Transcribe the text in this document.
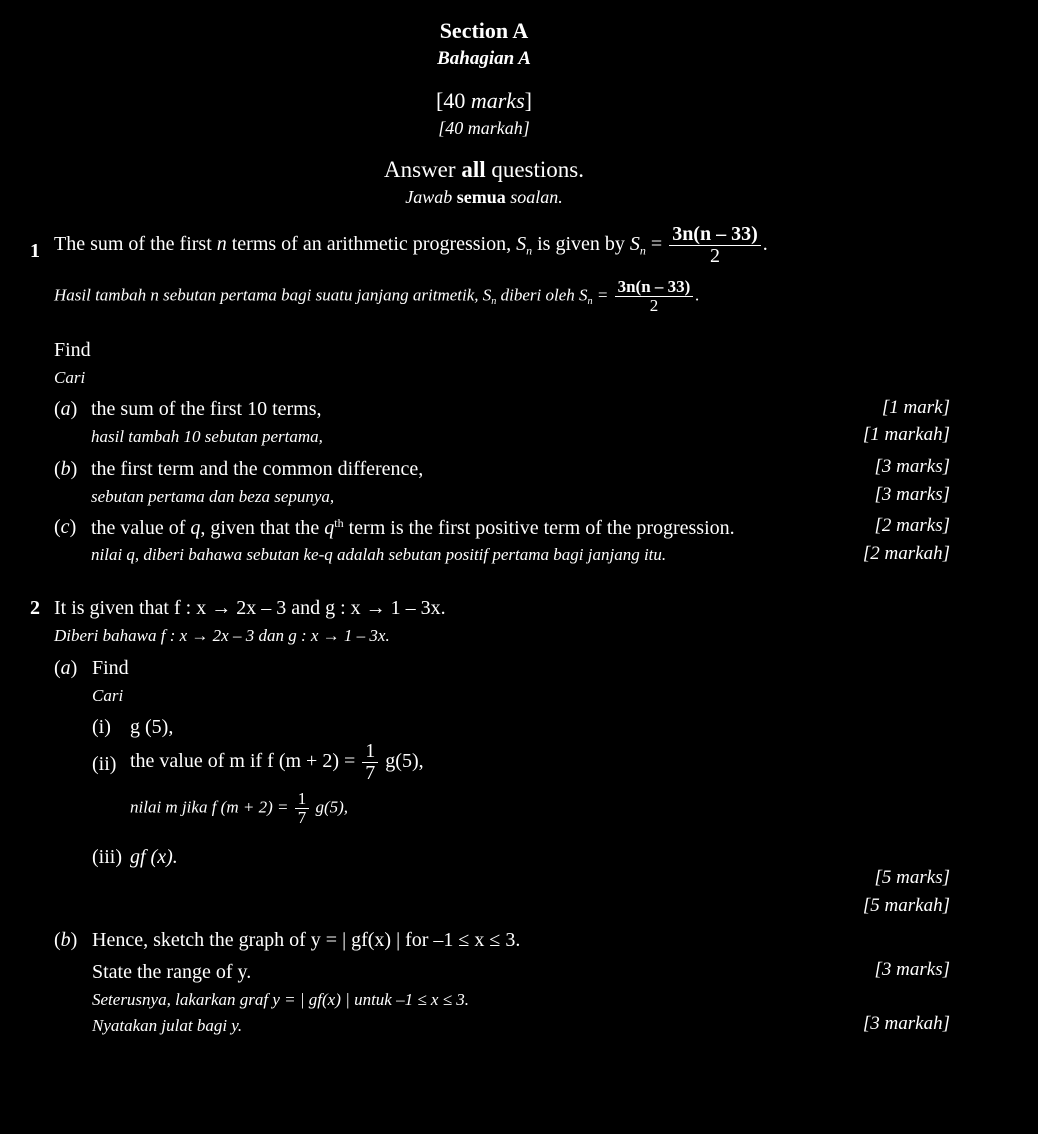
Section A
Bahagian A
[40 marks]
[40 markah]
Answer all questions.
Jawab semua soalan.
1 The sum of the first n terms of an arithmetic progression, $S_n$ is given by $S_n = \frac{3n(n - 33)}{2}$ .
Hasil tambah n sebutan pertama bagi suatu janjang aritmetik, $S_n$ diberi oleh $S_n = \frac{3n(n - 33)}{2}$ .
Find
Cari
(a) the sum of the first 10 terms,
hasil tambah 10 sebutan pertama,
[1 mark]
[1 markah]
(b) the first term and the common difference,
sebutan pertama dan beza sepunya,
[3 marks]
[3 marks]
(c) the value of q, given that the $q^{th}$ term is the first positive term of the progression.
nilai q, diberi bahawa sebutan ke-q adalah sebutan positif pertama bagi janjang itu.
[2 marks]
[2 markah]
2 It is given that f : x → 2x – 3 and g : x → 1 – 3x.
Diberi bahawa f : x → 2x – 3 dan g : x → 1 – 3x.
(a) Find
Cari
(i) g (5),
(ii) the value of m if f $(m + 2) = \frac{1}{7} g(5)$,
nilai m jika f $(m + 2) = \frac{1}{7} g(5)$,
(iii) gf (x).
[5 marks]
[5 markah]
(b) Hence, sketch the graph of y = | gf(x) | for –1 ≤ x ≤ 3.
State the range of y.	[3 marks]
Seterusnya, lakarkan graf y = | gf(x) | untuk –1 ≤ x ≤ 3.
Nyatakan julat bagi y.	[3 markah]
